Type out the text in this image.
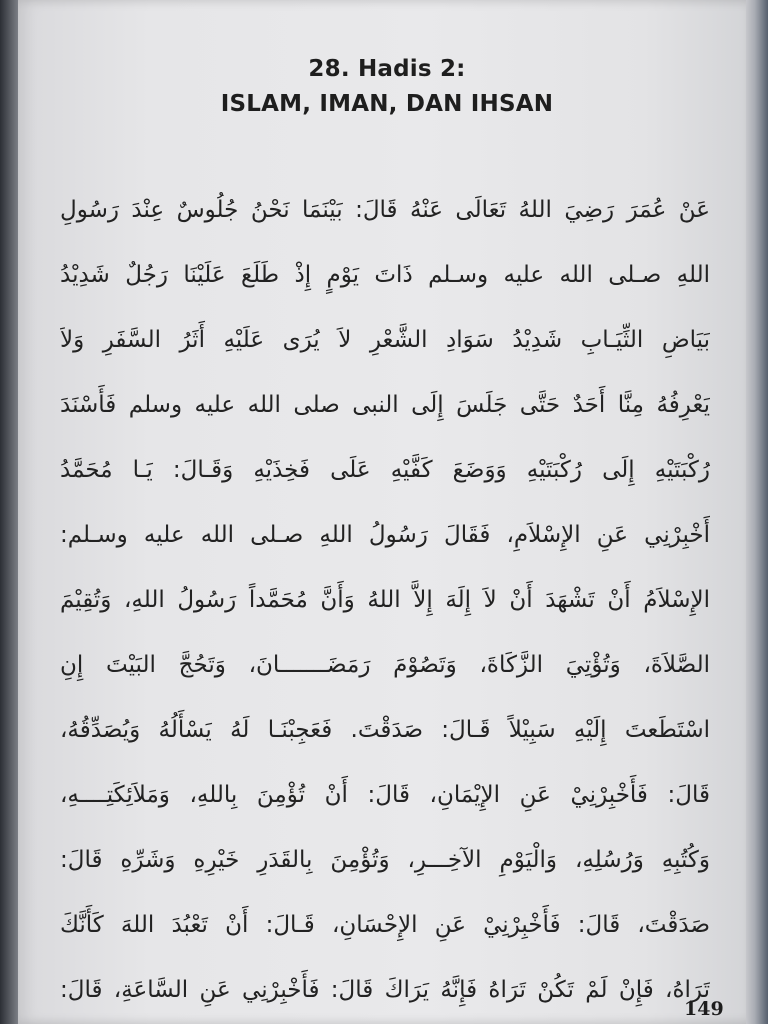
28. Hadis 2:
ISLAM, IMAN, DAN IHSAN
عَنْ عُمَرَ رَضِيَ اللهُ تَعَالَى عَنْهُ قَالَ: بَيْنَمَا نَحْنُ جُلُوسٌ عِنْدَ رَسُولِ
اللهِ صـلى الله عليه وسـلم ذَاتَ يَوْمٍ إِذْ طَلَعَ عَلَيْنَا رَجُلٌ شَدِيْدُ
بَيَاضِ الثِّيَـابِ شَدِيْدُ سَوَادِ الشَّعْرِ لاَ يُرَى عَلَيْهِ أَثَرُ السَّفَرِ وَلاَ
يَعْرِفُهُ مِنَّا أَحَدٌ حَتَّى جَلَسَ إِلَى النبى صلى الله عليه وسلم فَأَسْنَدَ
رُكْبَتَيْهِ إِلَى رُكْبَتَيْهِ وَوَضَعَ كَفَّيْهِ عَلَى فَخِذَيْهِ وَقَـالَ: يَـا مُحَمَّدُ
أَخْبِرْنِي عَنِ الإِسْلاَمِ، فَقَالَ رَسُولُ اللهِ صـلى الله عليه وسـلم:
الإِسْلاَمُ أَنْ تَشْهَدَ أَنْ لاَ إِلَهَ إِلاَّ اللهُ وَأَنَّ مُحَمَّداً رَسُولُ اللهِ، وَتُقِيْمَ
الصَّلاَةَ، وَتُؤْتِيَ الزَّكَاةَ، وَتَصُوْمَ رَمَضَـــــــانَ، وَتَحُجَّ البَيْتَ إِنِ
اسْتَطَعتَ إِلَيْهِ سَبِيْلاً قَـالَ: صَدَقْتَ. فَعَجِبْنَـا لَهُ يَسْأَلُهُ وَيُصَدِّقُهُ،
قَالَ: فَأَخْبِرْنِيْ عَنِ الإِيْمَانِ، قَالَ: أَنْ تُؤْمِنَ بِاللهِ، وَمَلاَئِكَتِــــهِ،
وَكُتُبِهِ وَرُسُلِهِ، وَالْيَوْمِ الآخِـــرِ، وَتُؤْمِنَ بِالقَدَرِ خَيْرِهِ وَشَرِّهِ قَالَ:
صَدَقْتَ، قَالَ: فَأَخْبِرْنِيْ عَنِ الإِحْسَانِ، قَـالَ: أَنْ تَعْبُدَ اللهَ كَأَنَّكَ
تَرَاهُ، فَإِنْ لَمْ تَكُنْ تَرَاهُ فَإِنَّهُ يَرَاكَ قَالَ: فَأَخْبِرْنِي عَنِ السَّاعَةِ، قَالَ:
149
